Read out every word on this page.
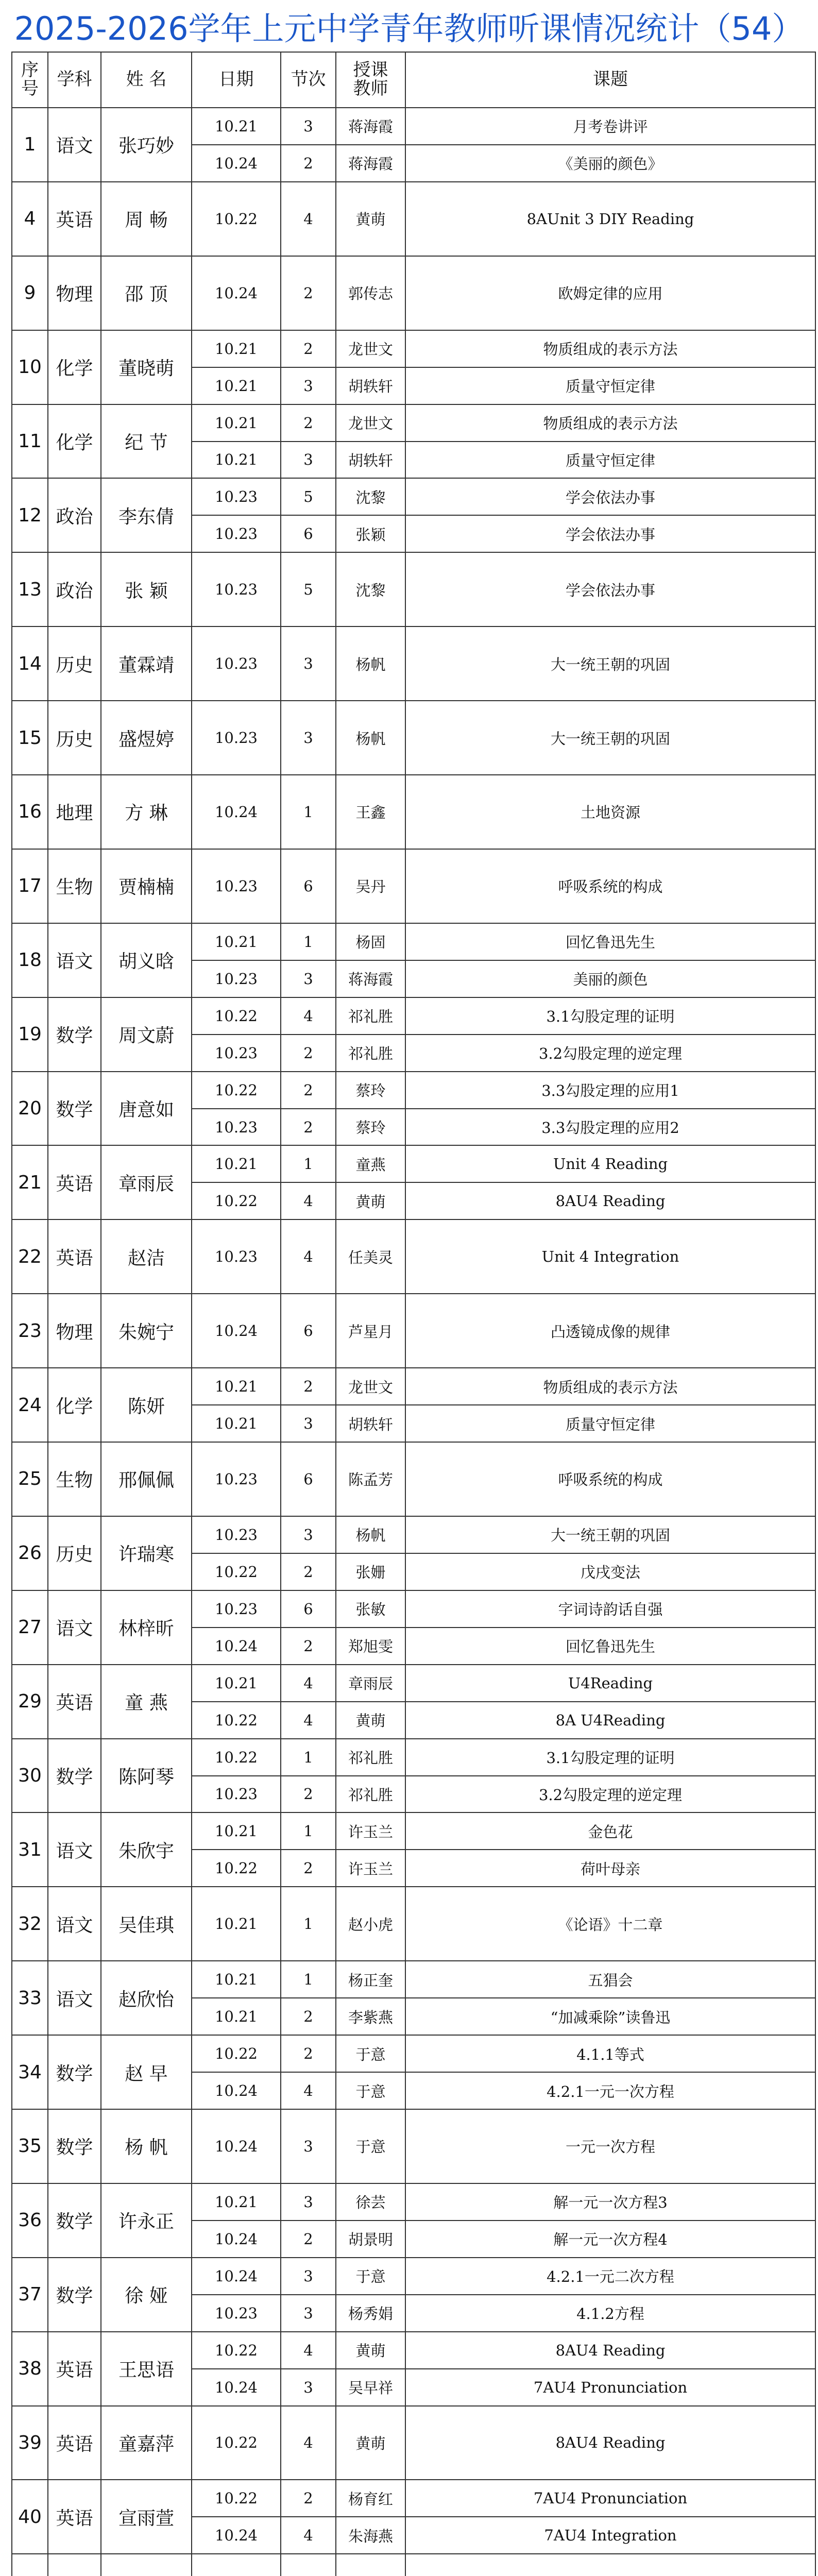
2025-2026学年上元中学青年教师听课情况统计（54）
序号	学科	姓 名	日期	节次	授课教师	课题
1	语文	张巧妙	10.21	3	蒋海霞	月考卷讲评
			10.24	2	蒋海霞	《美丽的颜色》
4	英语	周 畅	10.22	4	黄萌	8AUnit 3 DIY Reading
9	物理	邵 顶	10.24	2	郭传志	欧姆定律的应用
10	化学	董晓萌	10.21	2	龙世文	物质组成的表示方法
			10.21	3	胡轶轩	质量守恒定律
11	化学	纪 节	10.21	2	龙世文	物质组成的表示方法
			10.21	3	胡轶轩	质量守恒定律
12	政治	李东倩	10.23	5	沈黎	学会依法办事
			10.23	6	张颖	学会依法办事
13	政治	张 颖	10.23	5	沈黎	学会依法办事
14	历史	董霖靖	10.23	3	杨帆	大一统王朝的巩固
15	历史	盛煜婷	10.23	3	杨帆	大一统王朝的巩固
16	地理	方 琳	10.24	1	王鑫	土地资源
17	生物	贾楠楠	10.23	6	吴丹	呼吸系统的构成
18	语文	胡义晗	10.21	1	杨固	回忆鲁迅先生
			10.23	3	蒋海霞	美丽的颜色
19	数学	周文蔚	10.22	4	祁礼胜	3.1勾股定理的证明
			10.23	2	祁礼胜	3.2勾股定理的逆定理
20	数学	唐意如	10.22	2	蔡玲	3.3勾股定理的应用1
			10.23	2	蔡玲	3.3勾股定理的应用2
21	英语	章雨辰	10.21	1	童燕	Unit 4 Reading
			10.22	4	黄萌	8AU4 Reading
22	英语	赵洁	10.23	4	任美灵	Unit 4 Integration
23	物理	朱婉宁	10.24	6	芦星月	凸透镜成像的规律
24	化学	陈妍	10.21	2	龙世文	物质组成的表示方法
			10.21	3	胡轶轩	质量守恒定律
25	生物	邢佩佩	10.23	6	陈孟芳	呼吸系统的构成
26	历史	许瑞寒	10.23	3	杨帆	大一统王朝的巩固
			10.22	2	张姗	戊戌变法
27	语文	林梓昕	10.23	6	张敏	字词诗韵话自强
			10.24	2	郑旭雯	回忆鲁迅先生
29	英语	童 燕	10.21	4	章雨辰	U4Reading
			10.22	4	黄萌	8A U4Reading
30	数学	陈阿琴	10.22	1	祁礼胜	3.1勾股定理的证明
			10.23	2	祁礼胜	3.2勾股定理的逆定理
31	语文	朱欣宇	10.21	1	许玉兰	金色花
			10.22	2	许玉兰	荷叶母亲
32	语文	吴佳琪	10.21	1	赵小虎	《论语》十二章
33	语文	赵欣怡	10.21	1	杨正奎	五猖会
			10.21	2	李紫燕	“加减乘除”读鲁迅
34	数学	赵 早	10.22	2	于意	4.1.1等式
			10.24	4	于意	4.2.1一元一次方程
35	数学	杨 帆	10.24	3	于意	一元一次方程
36	数学	许永正	10.21	3	徐芸	解一元一次方程3
			10.24	2	胡景明	解一元一次方程4
37	数学	徐 娅	10.24	3	于意	4.2.1一元二次方程
			10.23	3	杨秀娟	4.1.2方程
38	英语	王思语	10.22	4	黄萌	8AU4 Reading
			10.24	3	吴早祥	7AU4 Pronunciation
39	英语	童嘉萍	10.22	4	黄萌	8AU4 Reading
40	英语	宣雨萱	10.22	2	杨育红	7AU4 Pronunciation
			10.24	4	朱海燕	7AU4 Integration
